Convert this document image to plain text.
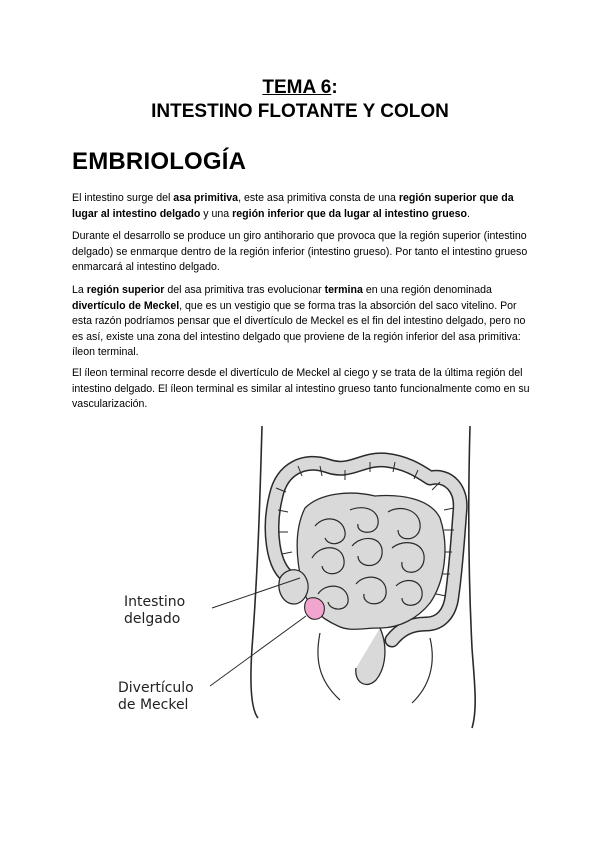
TEMA 6:
INTESTINO FLOTANTE Y COLON
EMBRIOLOGÍA
El intestino surge del asa primitiva, este asa primitiva consta de una región superior que da lugar al intestino delgado y una región inferior que da lugar al intestino grueso.
Durante el desarrollo se produce un giro antihorario que provoca que la región superior (intestino delgado) se enmarque dentro de la región inferior (intestino grueso). Por tanto el intestino grueso enmarcará al intestino delgado.
La región superior del asa primitiva tras evolucionar termina en una región denominada divertículo de Meckel, que es un vestigio que se forma tras la absorción del saco vitelino. Por esta razón podríamos pensar que el divertículo de Meckel es el fin del intestino delgado, pero no es así, existe una zona del intestino delgado que proviene de la región inferior del asa primitiva: íleon terminal.
El íleon terminal recorre desde el divertículo de Meckel al ciego y se trata de la última región del intestino delgado. El íleon terminal es similar al intestino grueso tanto funcionalmente como en su vascularización.
Intestino
delgado
Divertículo
de Meckel
